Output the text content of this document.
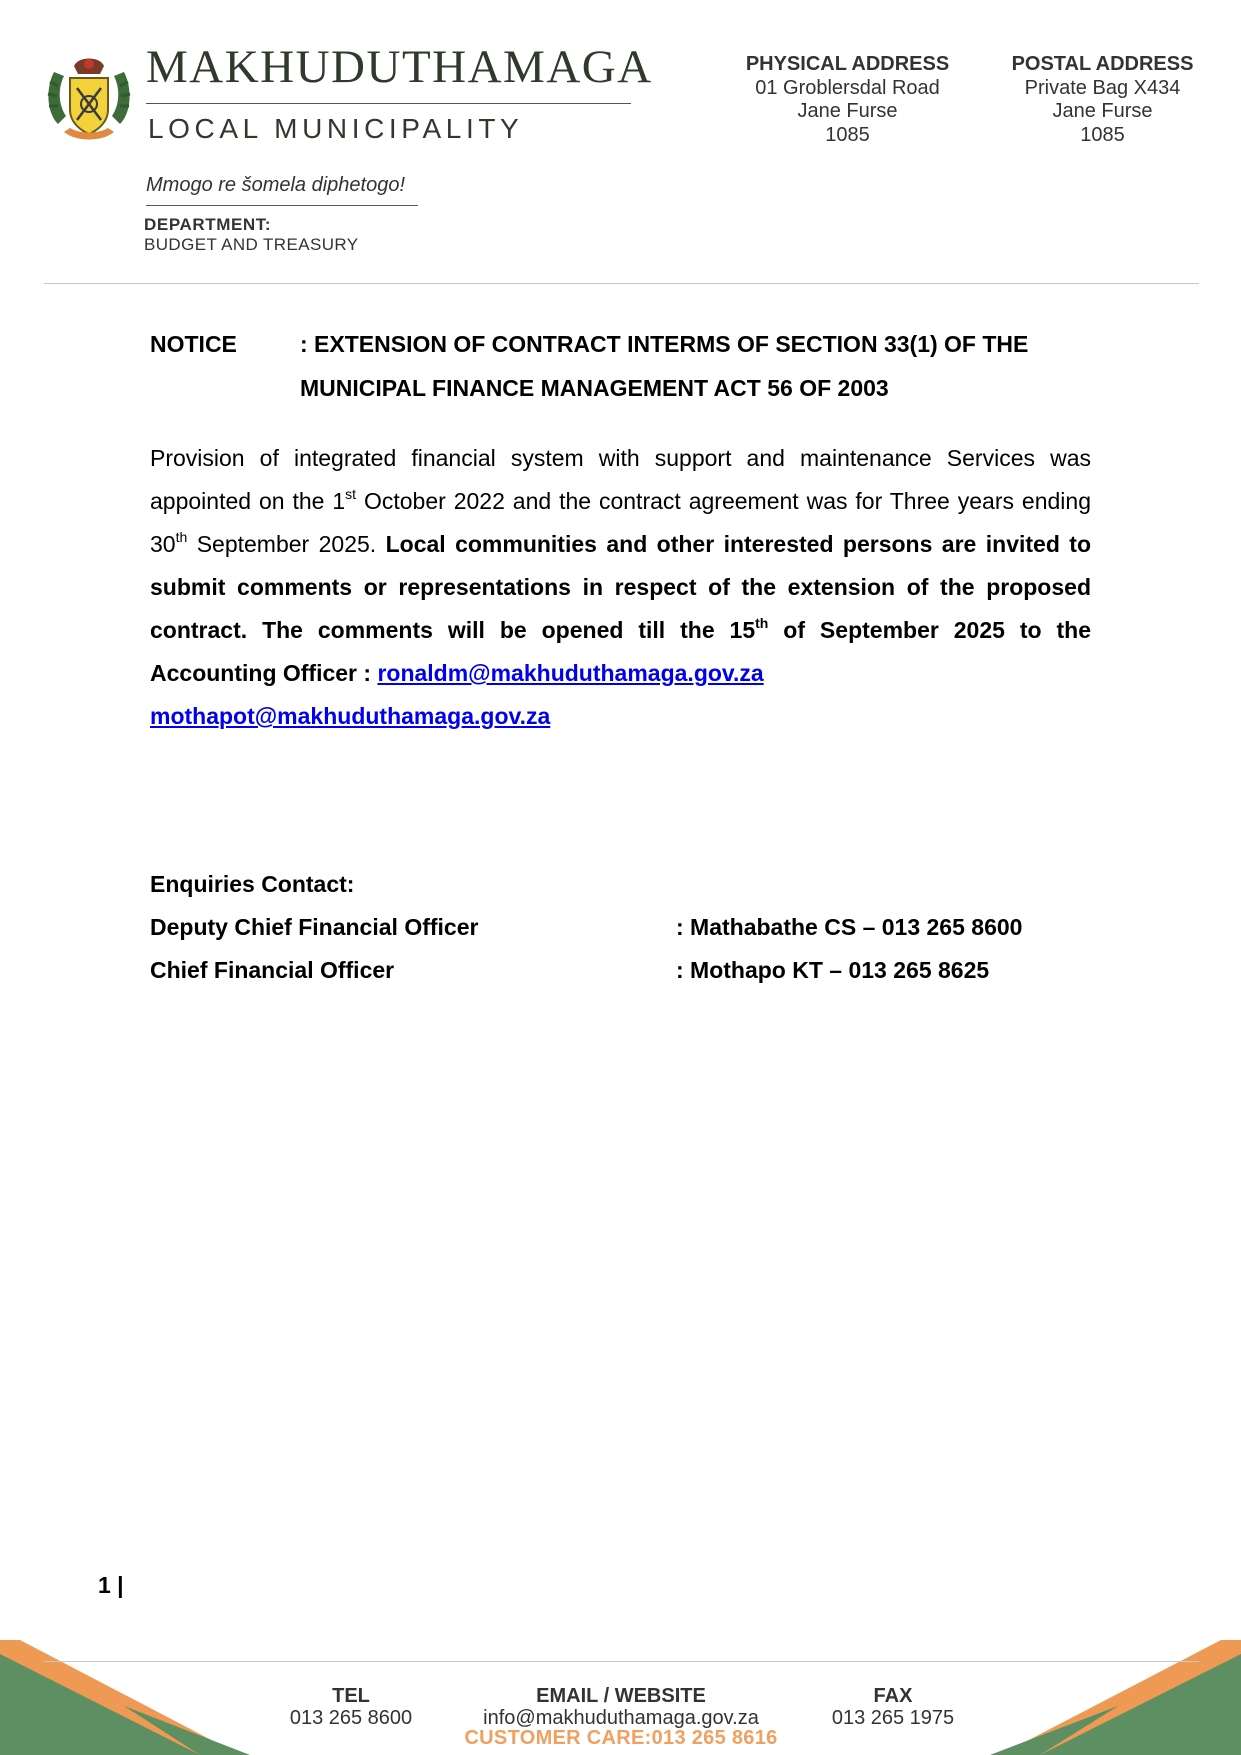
MAKHUDUTHAMAGA
LOCAL MUNICIPALITY
Mmogo re šomela diphetogo!
DEPARTMENT:
BUDGET AND TREASURY
PHYSICAL ADDRESS
01 Groblersdal Road
Jane Furse
1085
POSTAL ADDRESS
Private Bag X434
Jane Furse
1085
NOTICE	: EXTENSION OF CONTRACT INTERMS OF SECTION 33(1) OF THE MUNICIPAL FINANCE MANAGEMENT ACT 56 OF 2003
Provision of integrated financial system with support and maintenance Services was appointed on the 1st October 2022 and the contract agreement was for Three years ending 30th September 2025. Local communities and other interested persons are invited to submit comments or representations in respect of the extension of the proposed contract. The comments will be opened till the 15th of September 2025 to the Accounting Officer : ronaldm@makhuduthamaga.gov.za
mothapot@makhuduthamaga.gov.za
Enquiries Contact:
Deputy Chief Financial Officer	: Mathabathe CS – 013 265 8600
Chief Financial Officer	: Mothapo KT – 013 265 8625
1 |
TEL
013 265 8600
EMAIL / WEBSITE
info@makhuduthamaga.gov.za
FAX
013 265 1975
CUSTOMER CARE:013 265 8616
